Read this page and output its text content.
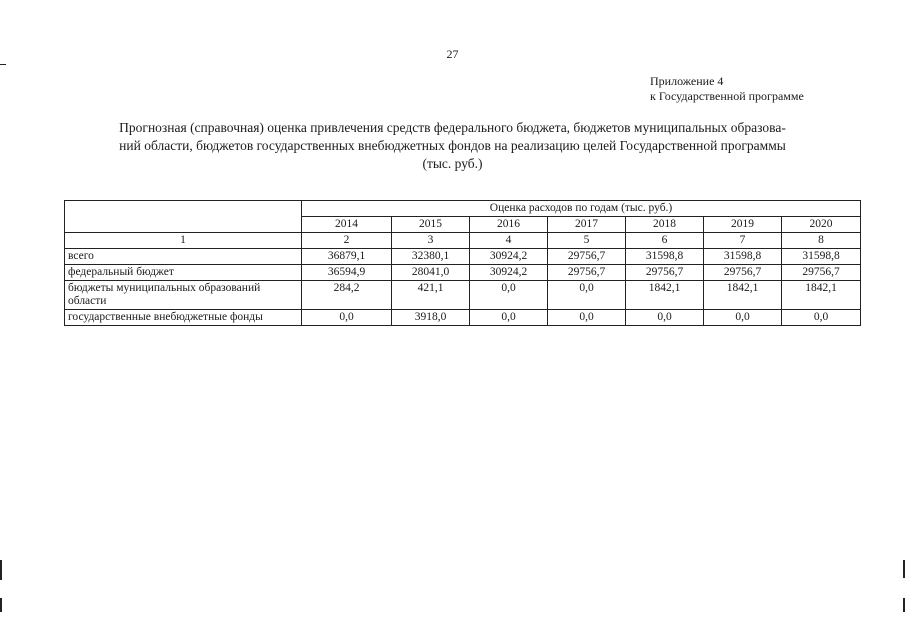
27
Приложение 4
к Государственной программе
Прогнозная (справочная) оценка привлечения средств федерального бюджета, бюджетов муниципальных образова-
ний области, бюджетов государственных внебюджетных фондов на реализацию целей Государственной программы
(тыс. руб.)
	Оценка расходов по годам (тыс. руб.)						
	2014	2015	2016	2017	2018	2019	2020
1	2	3	4	5	6	7	8
всего	36879,1	32380,1	30924,2	29756,7	31598,8	31598,8	31598,8
федеральный бюджет	36594,9	28041,0	30924,2	29756,7	29756,7	29756,7	29756,7
бюджеты муниципальных образований области	284,2	421,1	0,0	0,0	1842,1	1842,1	1842,1
государственные внебюджетные фонды	0,0	3918,0	0,0	0,0	0,0	0,0	0,0
